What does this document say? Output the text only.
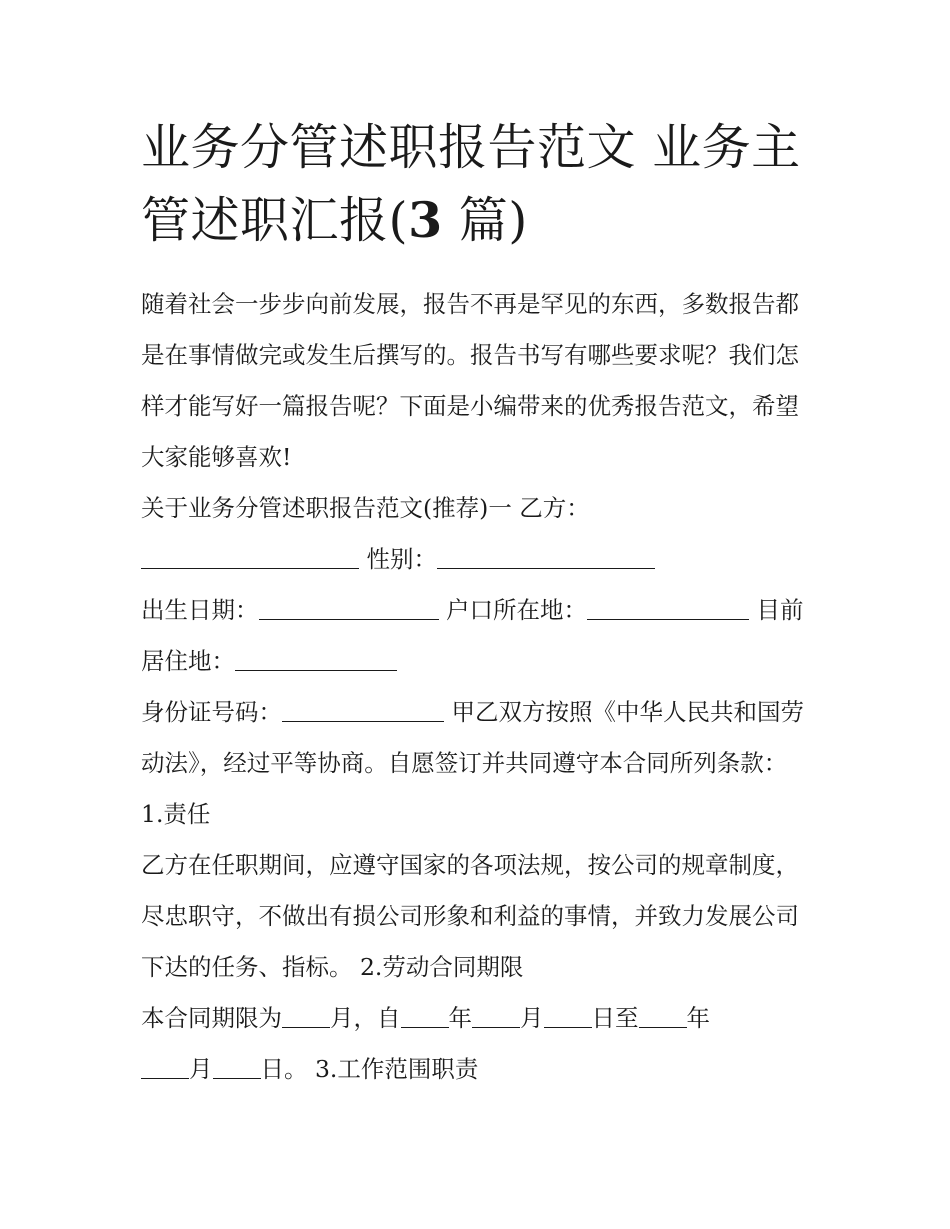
业务分管述职报告范文 业务主管述职汇报(3 篇)

随着社会一步步向前发展，报告不再是罕见的东西，多数报告都是在事情做完或发生后撰写的。报告书写有哪些要求呢？我们怎样才能写好一篇报告呢？下面是小编带来的优秀报告范文，希望大家能够喜欢!

关于业务分管述职报告范文(推荐)一 乙方：

性别：

出生日期：	户口所在地：	目前居住地：

身份证号码：	甲乙双方按照《中华人民共和国劳动法》，经过平等协商。自愿签订并共同遵守本合同所列条款： 1.责任

乙方在任职期间，应遵守国家的各项法规，按公司的规章制度，尽忠职守，不做出有损公司形象和利益的事情，并致力发展公司下达的任务、指标。 2.劳动合同期限

本合同期限为 月，自 年 月 日至 年
月 日。 3.工作范围职责
